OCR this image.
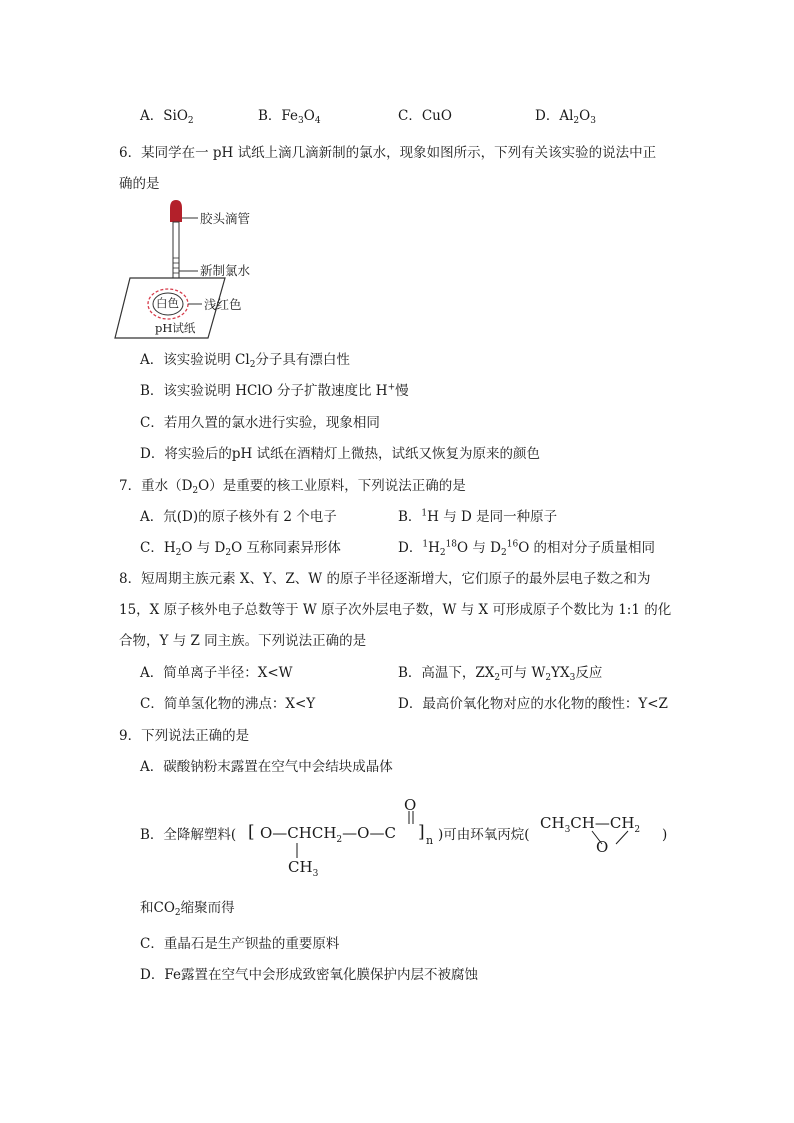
A．SiO$_2$	B．$Fe_3O_4$	C．CuO	D．$Al_2O_3$
6．某同学在一 pH 试纸上滴几滴新制的氯水，现象如图所示，下列有关该实验的说法中正
确的是
胶头滴管
新制氯水
白色 浅红色
pH试纸
A．该实验说明 $Cl_2$分子具有漂白性
B．该实验说明 HClO 分子扩散速度比 H+慢
C．若用久置的氯水进行实验，现象相同
D．将实验后的pH 试纸在酒精灯上微热，试纸又恢复为原来的颜色
7．重水$(D_2O)$是重要的核工业原料，下列说法正确的是
A．氘(D)的原子核外有 2 个电子	B．$^1$H 与 D 是同一种原子
C．$H_2O$ 与 $D_2O$ 互称同素异形体	D．$^1H_2^{18}O$ 与 $D_2^{16}O$ 的相对分子质量相同
8．短周期主族元素 X、Y、Z、W 的原子半径逐渐增大，它们原子的最外层电子数之和为
15，X 原子核外电子总数等于 W 原子次外层电子数，W 与 X 可形成原子个数比为 1:1 的化
合物，Y 与 Z 同主族。下列说法正确的是
A．简单离子半径：X<W	B．高温下，$ZX_2$可与 $W_2YX_3$反应
C．简单氢化物的沸点：X<Y	D．最高价氧化物对应的水化物的酸性：Y<Z
9．下列说法正确的是
A．碳酸钠粉末露置在空气中会结块成晶体
B．全降解塑料( [ $O—CHCH_2—O—C$
O
] n
$CH_3$
)可由环氧丙烷(
$CH_3CH—CH_2$
O
)
和$CO_2$缩聚而得
C．重晶石是生产钡盐的重要原料
D．Fe露置在空气中会形成致密氧化膜保护内层不被腐蚀
